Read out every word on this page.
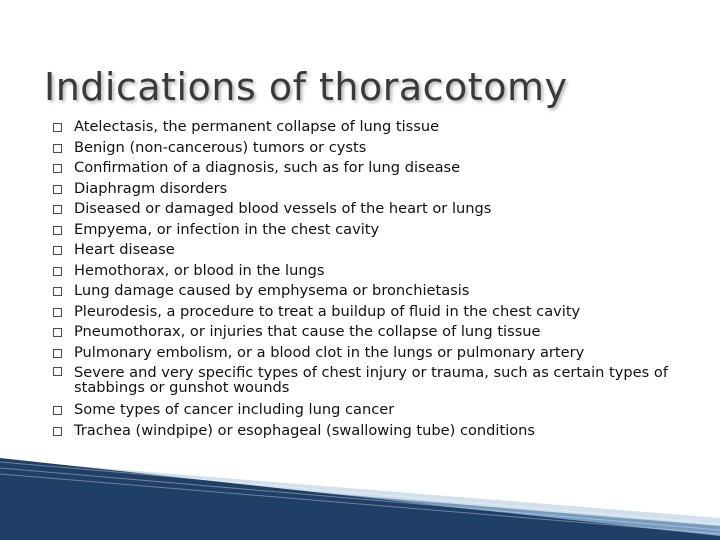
Indications of thoracotomy
Atelectasis, the permanent collapse of lung tissue
Benign (non-cancerous) tumors or cysts
Confirmation of a diagnosis, such as for lung disease
Diaphragm disorders
Diseased or damaged blood vessels of the heart or lungs
Empyema, or infection in the chest cavity
Heart disease
Hemothorax, or blood in the lungs
Lung damage caused by emphysema or bronchietasis
Pleurodesis, a procedure to treat a buildup of fluid in the chest cavity
Pneumothorax, or injuries that cause the collapse of lung tissue
Pulmonary embolism, or a blood clot in the lungs or pulmonary artery
Severe and very specific types of chest injury or trauma, such as certain types of stabbings or gunshot wounds
Some types of cancer including lung cancer
Trachea (windpipe) or esophageal (swallowing tube) conditions
